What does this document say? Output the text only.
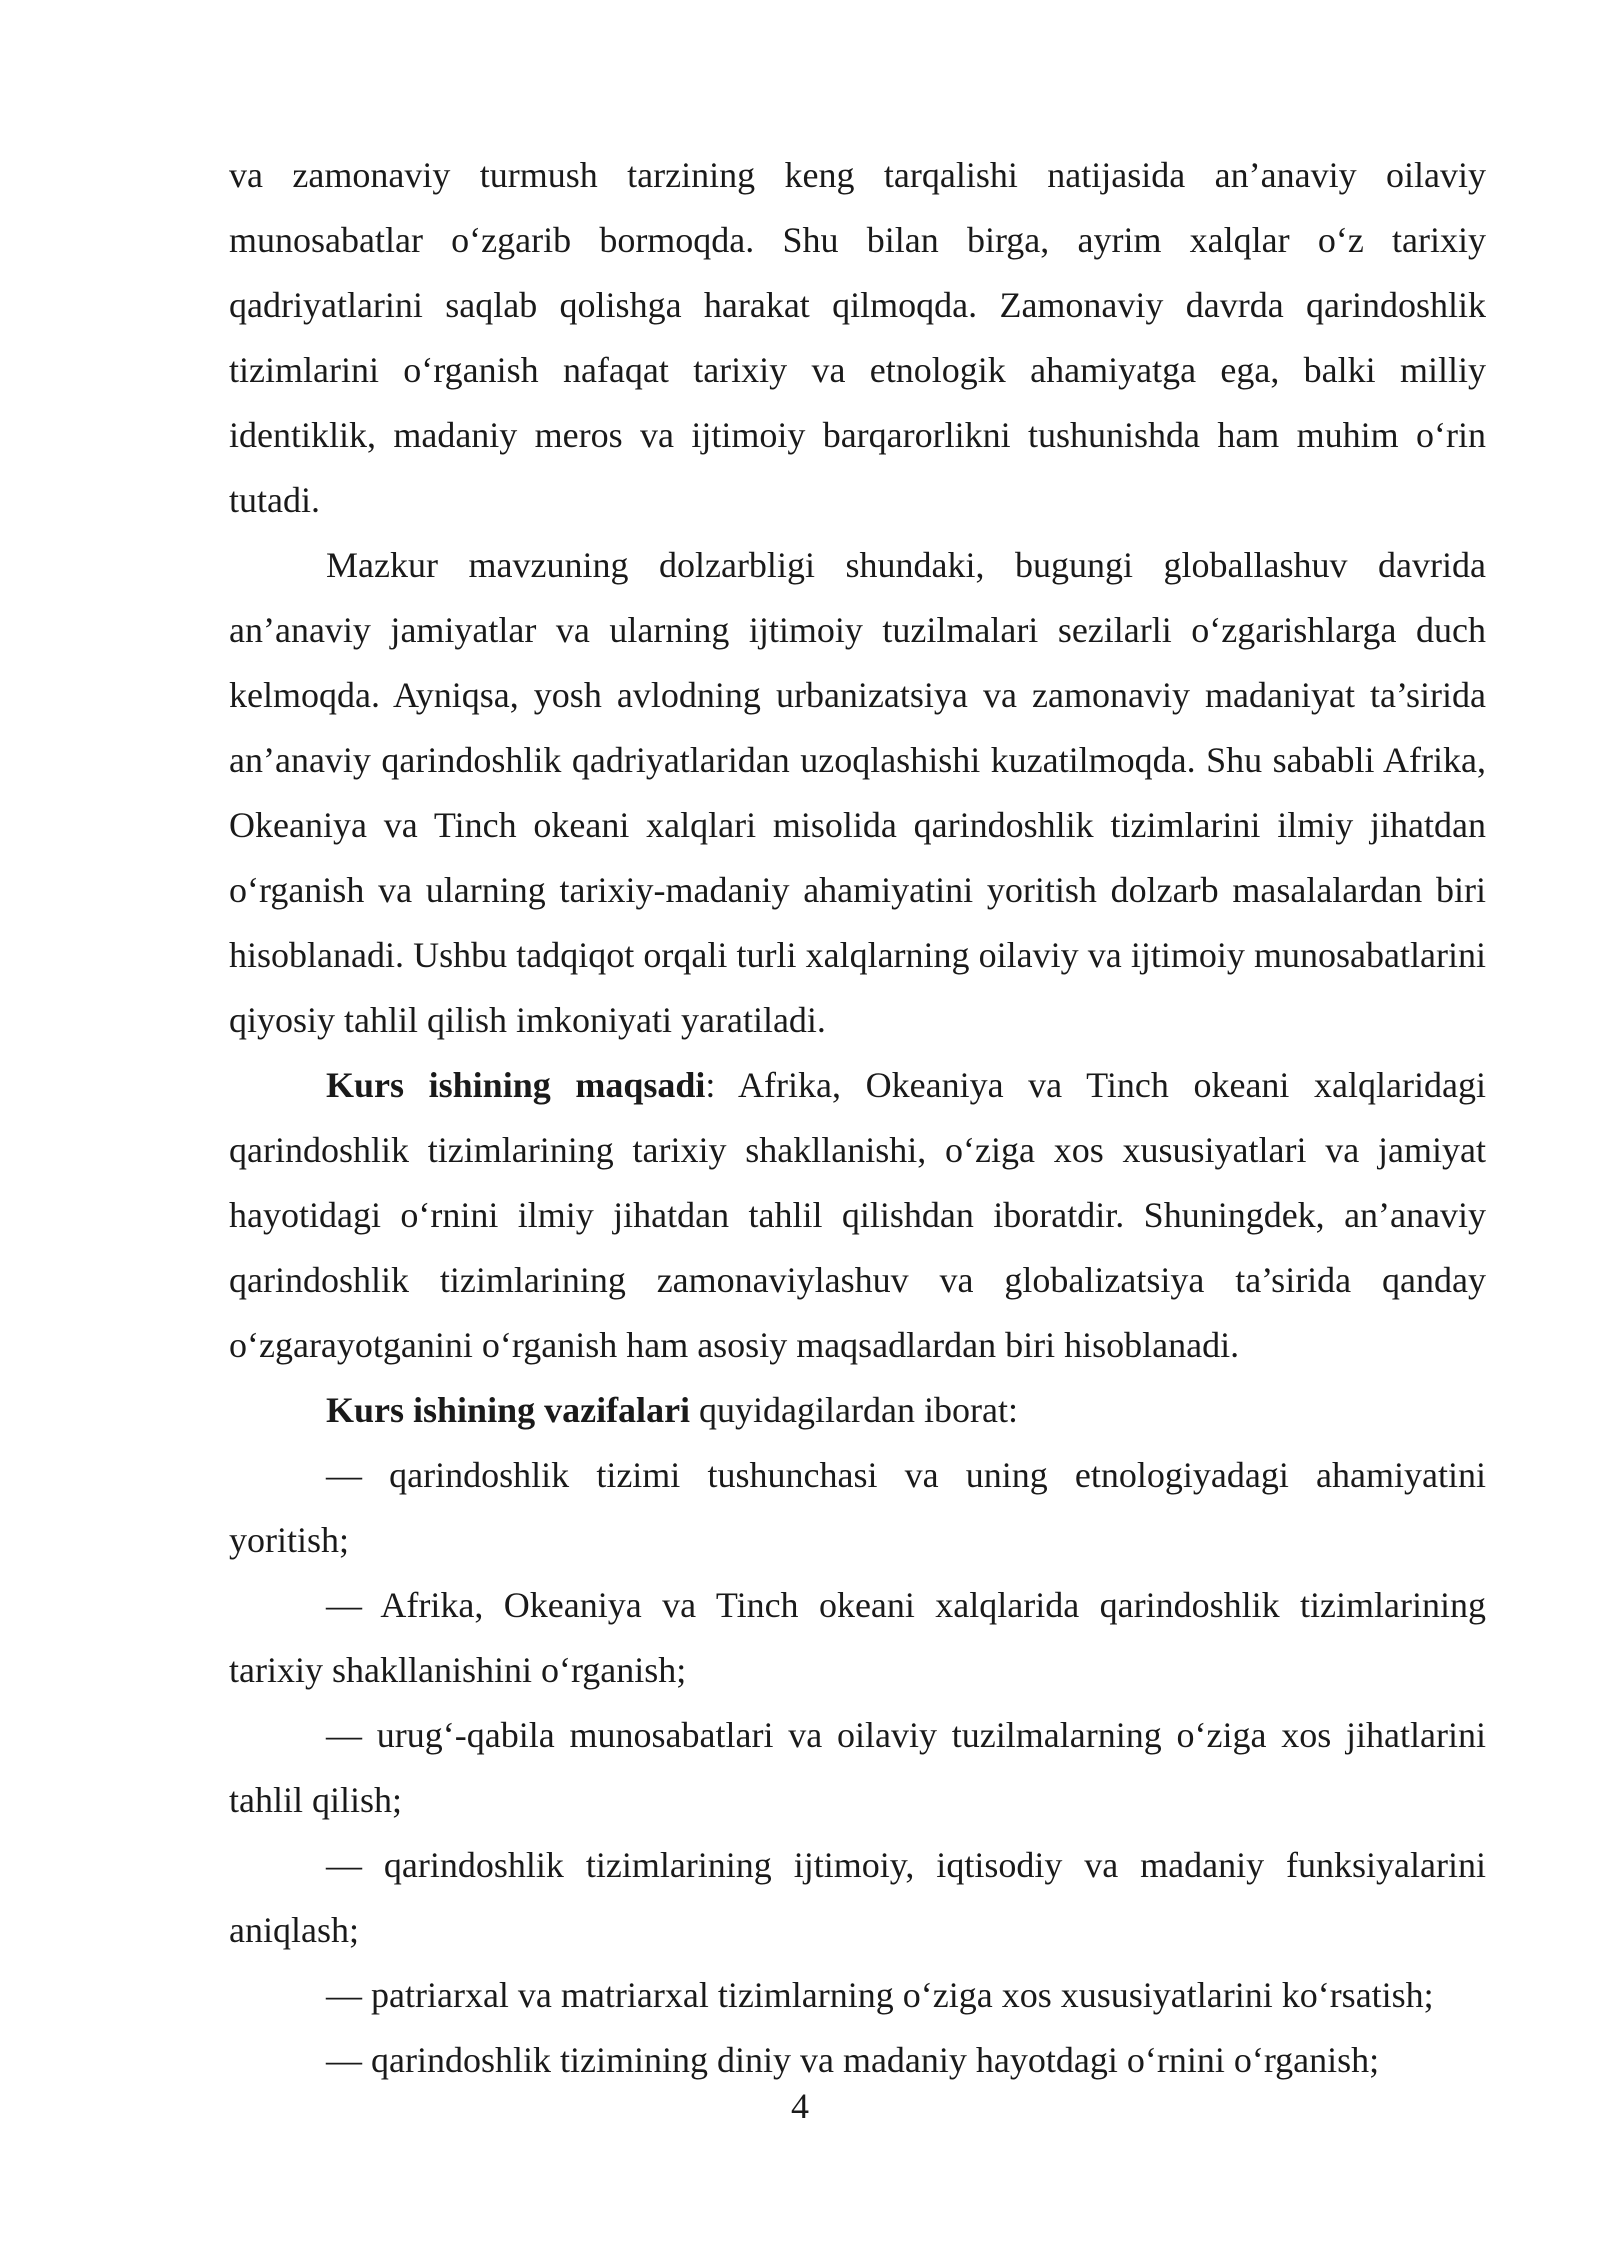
va zamonaviy turmush tarzining keng tarqalishi natijasida an’anaviy oilaviy munosabatlar o‘zgarib bormoqda. Shu bilan birga, ayrim xalqlar o‘z tarixiy qadriyatlarini saqlab qolishga harakat qilmoqda. Zamonaviy davrda qarindoshlik tizimlarini o‘rganish nafaqat tarixiy va etnologik ahamiyatga ega, balki milliy identiklik, madaniy meros va ijtimoiy barqarorlikni tushunishda ham muhim o‘rin tutadi.

Mazkur mavzuning dolzarbligi shundaki, bugungi globallashuv davrida an’anaviy jamiyatlar va ularning ijtimoiy tuzilmalari sezilarli o‘zgarishlarga duch kelmoqda. Ayniqsa, yosh avlodning urbanizatsiya va zamonaviy madaniyat ta’sirida an’anaviy qarindoshlik qadriyatlaridan uzoqlashishi kuzatilmoqda. Shu sababli Afrika, Okeaniya va Tinch okeani xalqlari misolida qarindoshlik tizimlarini ilmiy jihatdan o‘rganish va ularning tarixiy-madaniy ahamiyatini yoritish dolzarb masalalardan biri hisoblanadi. Ushbu tadqiqot orqali turli xalqlarning oilaviy va ijtimoiy munosabatlarini qiyosiy tahlil qilish imkoniyati yaratiladi.

Kurs ishining maqsadi: Afrika, Okeaniya va Tinch okeani xalqlaridagi qarindoshlik tizimlarining tarixiy shakllanishi, o‘ziga xos xususiyatlari va jamiyat hayotidagi o‘rnini ilmiy jihatdan tahlil qilishdan iboratdir. Shuningdek, an’anaviy qarindoshlik tizimlarining zamonaviylashuv va globalizatsiya ta’sirida qanday o‘zgarayotganini o‘rganish ham asosiy maqsadlardan biri hisoblanadi.

Kurs ishining vazifalari quyidagilardan iborat:

— qarindoshlik tizimi tushunchasi va uning etnologiyadagi ahamiyatini yoritish;

— Afrika, Okeaniya va Tinch okeani xalqlarida qarindoshlik tizimlarining tarixiy shakllanishini o‘rganish;

— urug‘-qabila munosabatlari va oilaviy tuzilmalarning o‘ziga xos jihatlarini tahlil qilish;

— qarindoshlik tizimlarining ijtimoiy, iqtisodiy va madaniy funksiyalarini aniqlash;

— patriarxal va matriarxal tizimlarning o‘ziga xos xususiyatlarini ko‘rsatish;

— qarindoshlik tizimining diniy va madaniy hayotdagi o‘rnini o‘rganish;

4
